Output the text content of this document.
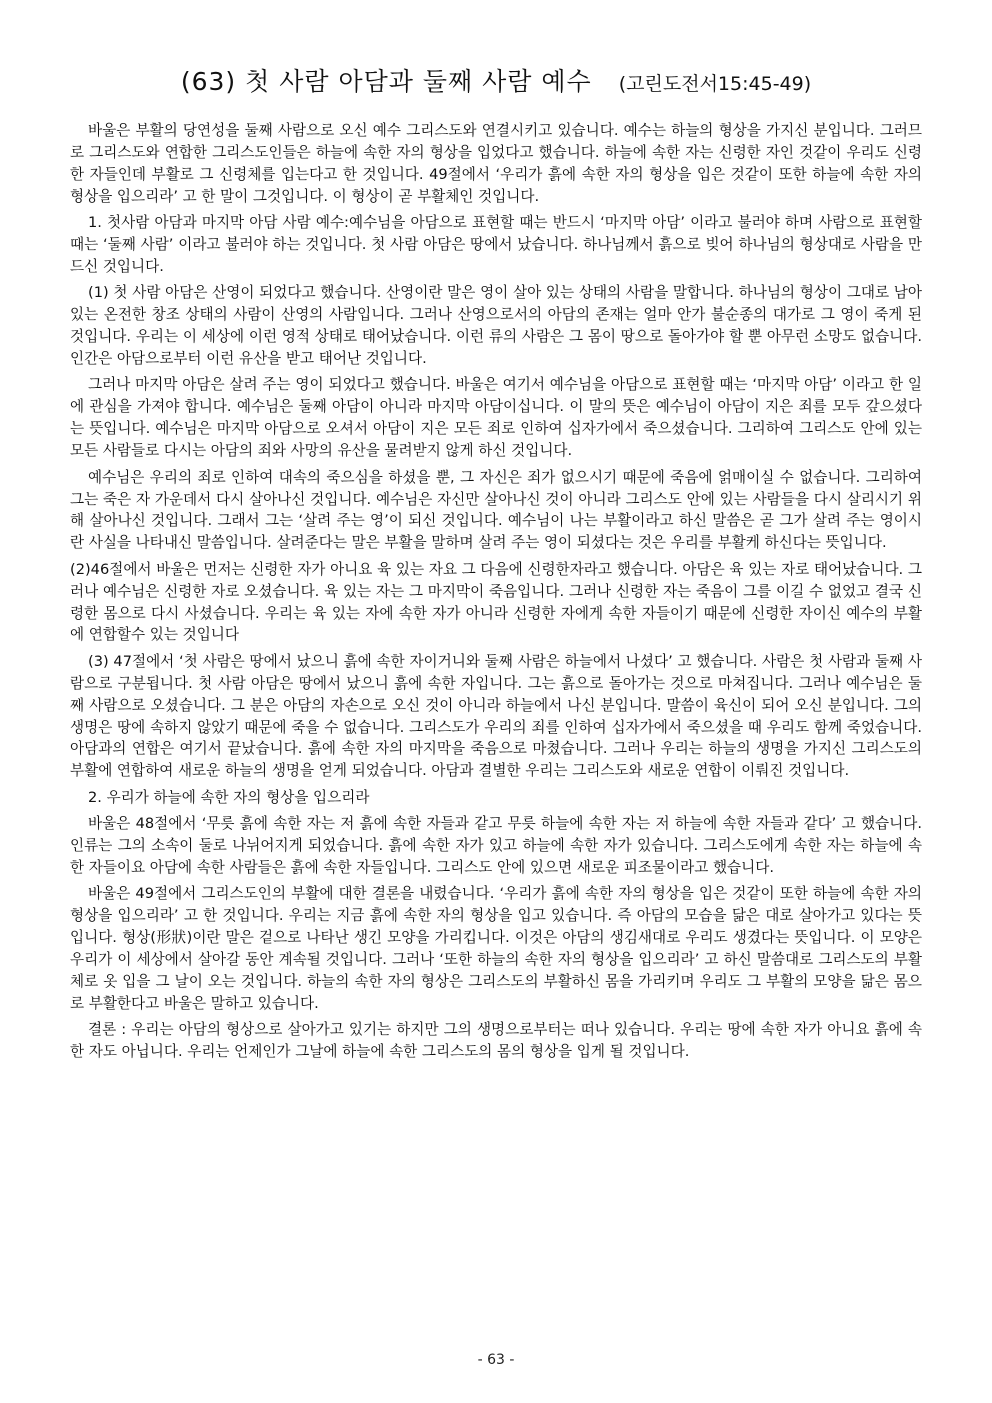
(63) 첫 사람 아담과 둘째 사람 예수 (고린도전서15:45-49)

바울은 부활의 당연성을 둘째 사람으로 오신 예수 그리스도와 연결시키고 있습니다. 예수는 하늘의 형상을 가지신 분입니다. 그러므로 그리스도와 연합한 그리스도인들은 하늘에 속한 자의 형상을 입었다고 했습니다. 하늘에 속한 자는 신령한 자인 것같이 우리도 신령한 자들인데 부활로 그 신령체를 입는다고 한 것입니다. 49절에서 ‘우리가 흙에 속한 자의 형상을 입은 것같이 또한 하늘에 속한 자의 형상을 입으리라’ 고 한 말이 그것입니다. 이 형상이 곧 부활체인 것입니다.

1. 첫사람 아담과 마지막 아담 사람 예수:예수님을 아담으로 표현할 때는 반드시 ‘마지막 아담’ 이라고 불러야 하며 사람으로 표현할 때는 ‘둘째 사람’ 이라고 불러야 하는 것입니다. 첫 사람 아담은 땅에서 났습니다. 하나님께서 흙으로 빚어 하나님의 형상대로 사람을 만드신 것입니다.

(1) 첫 사람 아담은 산영이 되었다고 했습니다. 산영이란 말은 영이 살아 있는 상태의 사람을 말합니다. 하나님의 형상이 그대로 남아 있는 온전한 창조 상태의 사람이 산영의 사람입니다. 그러나 산영으로서의 아담의 존재는 얼마 안가 불순종의 대가로 그 영이 죽게 된 것입니다. 우리는 이 세상에 이런 영적 상태로 태어났습니다. 이런 류의 사람은 그 몸이 땅으로 돌아가야 할 뿐 아무런 소망도 없습니다. 인간은 아담으로부터 이런 유산을 받고 태어난 것입니다.

그러나 마지막 아담은 살려 주는 영이 되었다고 했습니다. 바울은 여기서 예수님을 아담으로 표현할 때는 ‘마지막 아담’ 이라고 한 일에 관심을 가져야 합니다. 예수님은 둘째 아담이 아니라 마지막 아담이십니다. 이 말의 뜻은 예수님이 아담이 지은 죄를 모두 갚으셨다는 뜻입니다. 예수님은 마지막 아담으로 오셔서 아담이 지은 모든 죄로 인하여 십자가에서 죽으셨습니다. 그리하여 그리스도 안에 있는 모든 사람들로 다시는 아담의 죄와 사망의 유산을 물려받지 않게 하신 것입니다.

예수님은 우리의 죄로 인하여 대속의 죽으심을 하셨을 뿐, 그 자신은 죄가 없으시기 때문에 죽음에 얽매이실 수 없습니다. 그리하여 그는 죽은 자 가운데서 다시 살아나신 것입니다. 예수님은 자신만 살아나신 것이 아니라 그리스도 안에 있는 사람들을 다시 살리시기 위해 살아나신 것입니다. 그래서 그는 ‘살려 주는 영’이 되신 것입니다. 예수님이 나는 부활이라고 하신 말씀은 곧 그가 살려 주는 영이시란 사실을 나타내신 말씀입니다. 살려준다는 말은 부활을 말하며 살려 주는 영이 되셨다는 것은 우리를 부활케 하신다는 뜻입니다.

(2)46절에서 바울은 먼저는 신령한 자가 아니요 육 있는 자요 그 다음에 신령한자라고 했습니다. 아담은 육 있는 자로 태어났습니다. 그러나 예수님은 신령한 자로 오셨습니다. 육 있는 자는 그 마지막이 죽음입니다. 그러나 신령한 자는 죽음이 그를 이길 수 없었고 결국 신령한 몸으로 다시 사셨습니다. 우리는 육 있는 자에 속한 자가 아니라 신령한 자에게 속한 자들이기 때문에 신령한 자이신 예수의 부활에 연합할수 있는 것입니다

(3) 47절에서 ‘첫 사람은 땅에서 났으니 흙에 속한 자이거니와 둘째 사람은 하늘에서 나셨다’ 고 했습니다. 사람은 첫 사람과 둘째 사람으로 구분됩니다. 첫 사람 아담은 땅에서 났으니 흙에 속한 자입니다. 그는 흙으로 돌아가는 것으로 마쳐집니다. 그러나 예수님은 둘째 사람으로 오셨습니다. 그 분은 아담의 자손으로 오신 것이 아니라 하늘에서 나신 분입니다. 말씀이 육신이 되어 오신 분입니다. 그의 생명은 땅에 속하지 않았기 때문에 죽을 수 없습니다. 그리스도가 우리의 죄를 인하여 십자가에서 죽으셨을 때 우리도 함께 죽었습니다. 아담과의 연합은 여기서 끝났습니다. 흙에 속한 자의 마지막을 죽음으로 마쳤습니다. 그러나 우리는 하늘의 생명을 가지신 그리스도의 부활에 연합하여 새로운 하늘의 생명을 얻게 되었습니다. 아담과 결별한 우리는 그리스도와 새로운 연합이 이뤄진 것입니다.

2. 우리가 하늘에 속한 자의 형상을 입으리라

바울은 48절에서 ‘무릇 흙에 속한 자는 저 흙에 속한 자들과 같고 무릇 하늘에 속한 자는 저 하늘에 속한 자들과 같다’ 고 했습니다. 인류는 그의 소속이 둘로 나뉘어지게 되었습니다. 흙에 속한 자가 있고 하늘에 속한 자가 있습니다. 그리스도에게 속한 자는 하늘에 속한 자들이요 아담에 속한 사람들은 흙에 속한 자들입니다. 그리스도 안에 있으면 새로운 피조물이라고 했습니다.

바울은 49절에서 그리스도인의 부활에 대한 결론을 내렸습니다. ‘우리가 흙에 속한 자의 형상을 입은 것같이 또한 하늘에 속한 자의 형상을 입으리라’ 고 한 것입니다. 우리는 지금 흙에 속한 자의 형상을 입고 있습니다. 즉 아담의 모습을 닮은 대로 살아가고 있다는 뜻입니다. 형상(形狀)이란 말은 겉으로 나타난 생긴 모양을 가리킵니다. 이것은 아담의 생김새대로 우리도 생겼다는 뜻입니다. 이 모양은 우리가 이 세상에서 살아갈 동안 계속될 것입니다. 그러나 ‘또한 하늘의 속한 자의 형상을 입으리라’ 고 하신 말씀대로 그리스도의 부활체로 옷 입을 그 날이 오는 것입니다. 하늘의 속한 자의 형상은 그리스도의 부활하신 몸을 가리키며 우리도 그 부활의 모양을 닮은 몸으로 부활한다고 바울은 말하고 있습니다.

결론 : 우리는 아담의 형상으로 살아가고 있기는 하지만 그의 생명으로부터는 떠나 있습니다. 우리는 땅에 속한 자가 아니요 흙에 속한 자도 아닙니다. 우리는 언제인가 그날에 하늘에 속한 그리스도의 몸의 형상을 입게 될 것입니다.

- 63 -
